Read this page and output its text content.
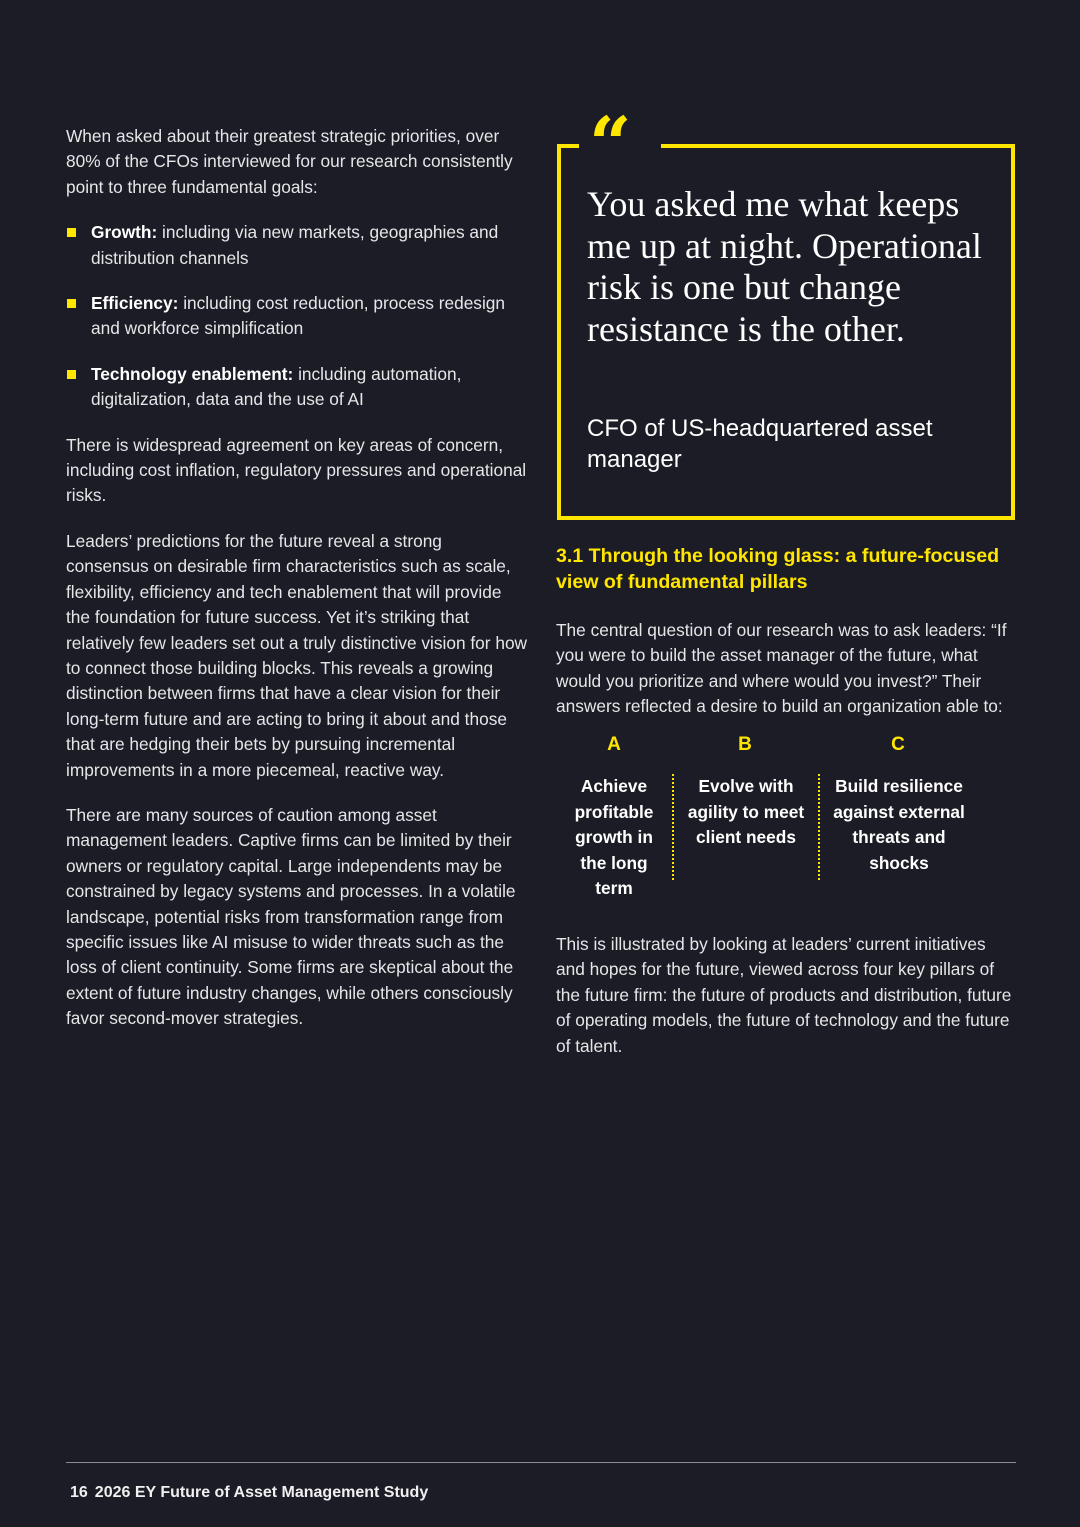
When asked about their greatest strategic priorities, over 80% of the CFOs interviewed for our research consistently point to three fundamental goals:

Growth: including via new markets, geographies and distribution channels
Efficiency: including cost reduction, process redesign and workforce simplification
Technology enablement: including automation, digitalization, data and the use of AI

There is widespread agreement on key areas of concern, including cost inflation, regulatory pressures and operational risks.

Leaders’ predictions for the future reveal a strong consensus on desirable firm characteristics such as scale, flexibility, efficiency and tech enablement that will provide the foundation for future success. Yet it’s striking that relatively few leaders set out a truly distinctive vision for how to connect those building blocks. This reveals a growing distinction between firms that have a clear vision for their long-term future and are acting to bring it about and those that are hedging their bets by pursuing incremental improvements in a more piecemeal, reactive way.

There are many sources of caution among asset management leaders. Captive firms can be limited by their owners or regulatory capital. Large independents may be constrained by legacy systems and processes. In a volatile landscape, potential risks from transformation range from specific issues like AI misuse to wider threats such as the loss of client continuity. Some firms are skeptical about the extent of future industry changes, while others consciously favor second-mover strategies.

“
You asked me what keeps me up at night. Operational risk is one but change resistance is the other.
CFO of US-headquartered asset manager
3.1 Through the looking glass: a future-focused view of fundamental pillars

The central question of our research was to ask leaders: “If you were to build the asset manager of the future, what would you prioritize and where would you invest?” Their answers reflected a desire to build an organization able to:

A
Achieve profitable growth in the long term
B
Evolve with agility to meet client needs
C
Build resilience against external threats and shocks

This is illustrated by looking at leaders’ current initiatives and hopes for the future, viewed across four key pillars of the future firm: the future of products and distribution, future of operating models, the future of technology and the future of talent.

16 2026 EY Future of Asset Management Study
